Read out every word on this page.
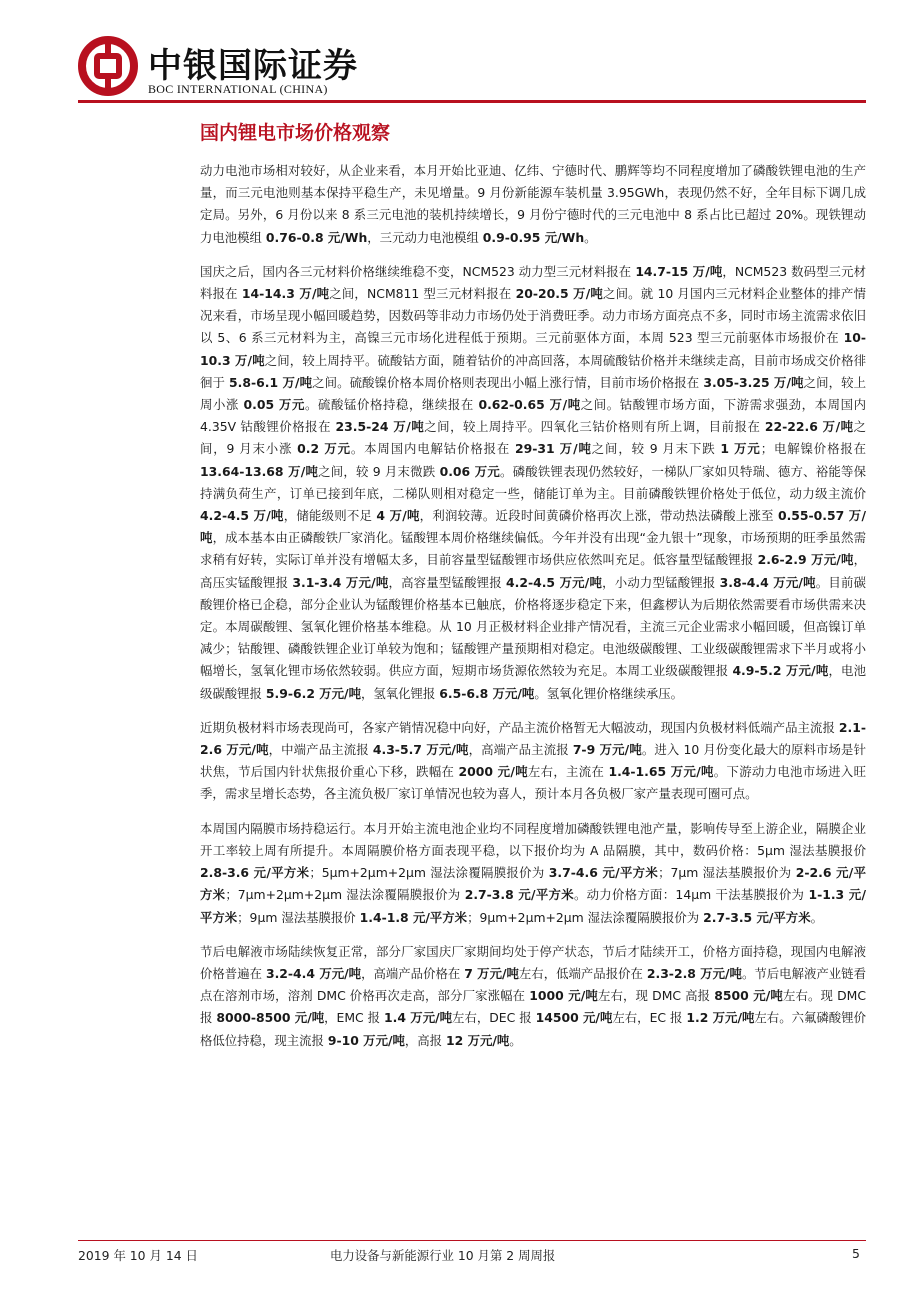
中银国际证券
BOC INTERNATIONAL (CHINA)
国内锂电市场价格观察

动力电池市场相对较好，从企业来看，本月开始比亚迪、亿纬、宁德时代、鹏辉等均不同程度增加了磷酸铁锂电池的生产量，而三元电池则基本保持平稳生产，未见增量。9 月份新能源车装机量 3.95GWh，表现仍然不好，全年目标下调几成定局。另外，6 月份以来 8 系三元电池的装机持续增长，9 月份宁德时代的三元电池中 8 系占比已超过 20%。现铁锂动力电池模组 0.76-0.8 元/Wh，三元动力电池模组 0.9-0.95 元/Wh。

国庆之后，国内各三元材料价格继续维稳不变，NCM523 动力型三元材料报在 14.7-15 万/吨，NCM523 数码型三元材料报在 14-14.3 万/吨之间，NCM811 型三元材料报在 20-20.5 万/吨之间。就 10 月国内三元材料企业整体的排产情况来看，市场呈现小幅回暖趋势，因数码等非动力市场仍处于消费旺季。动力市场方面亮点不多，同时市场主流需求依旧以 5、6 系三元材料为主，高镍三元市场化进程低于预期。三元前驱体方面，本周 523 型三元前驱体市场报价在 10-10.3 万/吨之间，较上周持平。硫酸钴方面，随着钴价的冲高回落，本周硫酸钴价格并未继续走高，目前市场成交价格徘徊于 5.8-6.1 万/吨之间。硫酸镍价格本周价格则表现出小幅上涨行情，目前市场价格报在 3.05-3.25 万/吨之间，较上周小涨 0.05 万元。硫酸锰价格持稳，继续报在 0.62-0.65 万/吨之间。钴酸锂市场方面，下游需求强劲，本周国内 4.35V 钴酸锂价格报在 23.5-24 万/吨之间，较上周持平。四氧化三钴价格则有所上调，目前报在 22-22.6 万/吨之间，9 月末小涨 0.2 万元。本周国内电解钴价格报在 29-31 万/吨之间，较 9 月末下跌 1 万元；电解镍价格报在 13.64-13.68 万/吨之间，较 9 月末微跌 0.06 万元。磷酸铁锂表现仍然较好，一梯队厂家如贝特瑞、德方、裕能等保持满负荷生产，订单已接到年底，二梯队则相对稳定一些，储能订单为主。目前磷酸铁锂价格处于低位，动力级主流价 4.2-4.5 万/吨，储能级则不足 4 万/吨，利润较薄。近段时间黄磷价格再次上涨，带动热法磷酸上涨至 0.55-0.57 万/吨，成本基本由正磷酸铁厂家消化。锰酸锂本周价格继续偏低。今年并没有出现“金九银十”现象，市场预期的旺季虽然需求稍有好转，实际订单并没有增幅太多，目前容量型锰酸锂市场供应依然叫充足。低容量型锰酸锂报 2.6-2.9 万元/吨，高压实锰酸锂报 3.1-3.4 万元/吨，高容量型锰酸锂报 4.2-4.5 万元/吨，小动力型锰酸锂报 3.8-4.4 万元/吨。目前碳酸锂价格已企稳，部分企业认为锰酸锂价格基本已触底，价格将逐步稳定下来，但鑫椤认为后期依然需要看市场供需来决定。本周碳酸锂、氢氧化锂价格基本维稳。从 10 月正极材料企业排产情况看，主流三元企业需求小幅回暖，但高镍订单减少；钴酸锂、磷酸铁锂企业订单较为饱和；锰酸锂产量预期相对稳定。电池级碳酸锂、工业级碳酸锂需求下半月或将小幅增长，氢氧化锂市场依然较弱。供应方面，短期市场货源依然较为充足。本周工业级碳酸锂报 4.9-5.2 万元/吨，电池级碳酸锂报 5.9-6.2 万元/吨，氢氧化锂报 6.5-6.8 万元/吨。氢氧化锂价格继续承压。

近期负极材料市场表现尚可，各家产销情况稳中向好，产品主流价格暂无大幅波动，现国内负极材料低端产品主流报 2.1-2.6 万元/吨，中端产品主流报 4.3-5.7 万元/吨，高端产品主流报 7-9 万元/吨。进入 10 月份变化最大的原料市场是针状焦，节后国内针状焦报价重心下移，跌幅在 2000 元/吨左右，主流在 1.4-1.65 万元/吨。下游动力电池市场进入旺季，需求呈增长态势，各主流负极厂家订单情况也较为喜人，预计本月各负极厂家产量表现可圈可点。

本周国内隔膜市场持稳运行。本月开始主流电池企业均不同程度增加磷酸铁锂电池产量，影响传导至上游企业，隔膜企业开工率较上周有所提升。本周隔膜价格方面表现平稳，以下报价均为 A 品隔膜，其中，数码价格：5μm 湿法基膜报价 2.8-3.6 元/平方米；5μm+2μm+2μm 湿法涂覆隔膜报价为 3.7-4.6 元/平方米；7μm 湿法基膜报价为 2-2.6 元/平方米；7μm+2μm+2μm 湿法涂覆隔膜报价为 2.7-3.8 元/平方米。动力价格方面：14μm 干法基膜报价为 1-1.3 元/平方米；9μm 湿法基膜报价 1.4-1.8 元/平方米；9μm+2μm+2μm 湿法涂覆隔膜报价为 2.7-3.5 元/平方米。

节后电解液市场陆续恢复正常，部分厂家国庆厂家期间均处于停产状态，节后才陆续开工，价格方面持稳，现国内电解液价格普遍在 3.2-4.4 万元/吨，高端产品价格在 7 万元/吨左右，低端产品报价在 2.3-2.8 万元/吨。节后电解液产业链看点在溶剂市场，溶剂 DMC 价格再次走高，部分厂家涨幅在 1000 元/吨左右，现 DMC 高报 8500 元/吨左右。现 DMC 报 8000-8500 元/吨，EMC 报 1.4 万元/吨左右，DEC 报 14500 元/吨左右，EC 报 1.2 万元/吨左右。六氟磷酸锂价格低位持稳，现主流报 9-10 万元/吨，高报 12 万元/吨。

2019 年 10 月 14 日	电力设备与新能源行业 10 月第 2 周周报	5
